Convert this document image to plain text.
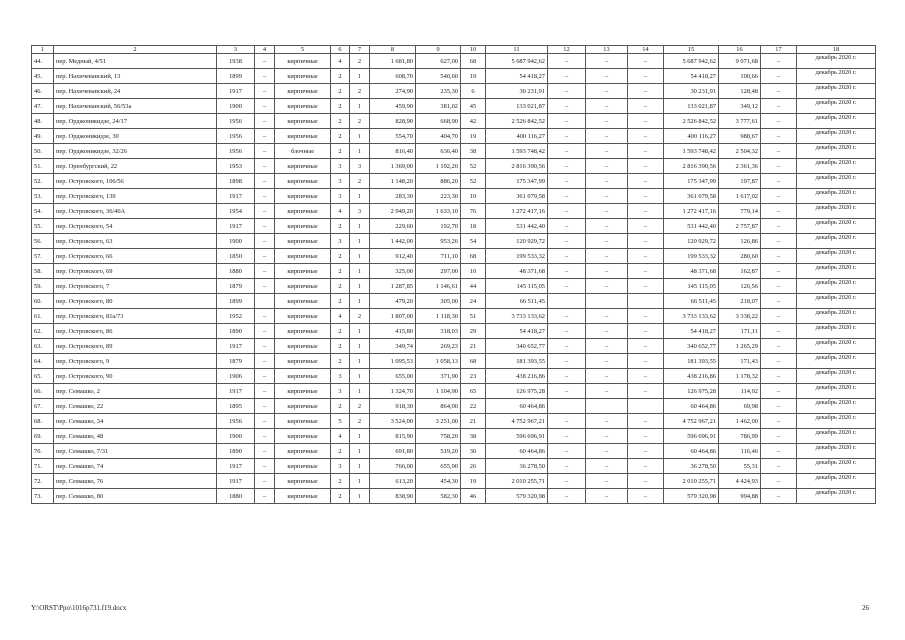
1	2	3	4	5	6	7	8	9	10	11	12	13	14	15	16	17	18
44.	пер. Медный, 4/51	1938	–	кирпичные	4	2	1 681,80	627,00	68	5 687 942,62	–	–	–	5 687 942,62	9 071,68	–	декабрь 2020 г.
45.	пер. Нахичеванский, 13	1899	–	кирпичные	2	1	608,70	540,60	19	54 418,27	–	–	–	54 418,27	100,66	–	декабрь 2020 г.
46.	пер. Нахичеванский, 24	1917	–	кирпичные	2	2	274,90	235,30	6	30 231,91	–	–	–	30 231,91	128,48	–	декабрь 2020 г.
47.	пер. Нахичеванский, 56/53а	1900	–	кирпичные	2	1	459,90	381,02	45	133 021,87	–	–	–	133 021,87	349,12	–	декабрь 2020 г.
48.	пер. Орджоникидзе, 24/17	1956	–	кирпичные	2	2	828,90	668,90	42	2 526 842,52	–	–	–	2 526 842,52	3 777,61	–	декабрь 2020 г.
49.	пер. Орджоникидзе, 30	1956	–	кирпичные	2	1	554,70	404,70	19	400 116,27	–	–	–	400 116,27	988,67	–	декабрь 2020 г.
50.	пер. Орджоникидзе, 32/26	1956	–	блочные	2	1	816,40	636,40	38	1 593 748,42	–	–	–	1 593 748,42	2 504,32	–	декабрь 2020 г.
51.	пер. Оренбургский, 22	1953	–	кирпичные	3	3	1 369,00	1 192,20	52	2 816 390,56	–	–	–	2 816 390,56	2 361,36	–	декабрь 2020 г.
52.	пер. Островского, 106/56	1898	–	кирпичные	3	2	1 148,20	886,20	52	175 347,99	–	–	–	175 347,99	197,87	–	декабрь 2020 г.
53.	пер. Островского, 139	1917	–	кирпичные	3	1	283,30	223,30	10	361 079,58	–	–	–	361 079,58	1 617,02	–	декабрь 2020 г.
54.	пер. Островского, 36/40А	1954	–	кирпичные	4	3	2 949,20	1 633,10	76	1 272 417,16	–	–	–	1 272 417,16	779,14	–	декабрь 2020 г.
55.	пер. Островского, 54	1917	–	кирпичные	2	1	229,60	192,70	18	531 442,40	–	–	–	531 442,40	2 757,87	–	декабрь 2020 г.
56.	пер. Островского, 63	1900	–	кирпичные	3	1	1 442,00	953,26	54	120 929,72	–	–	–	120 929,72	126,86	–	декабрь 2020 г.
57.	пер. Островского, 66	1850	–	кирпичные	2	1	912,40	711,10	68	199 533,32	–	–	–	199 533,32	280,60	–	декабрь 2020 г.
58.	пер. Островского, 69	1880	–	кирпичные	2	1	325,00	297,00	10	48 371,68	–	–	–	48 371,68	162,87	–	декабрь 2020 г.
59.	пер. Островского, 7	1879	–	кирпичные	2	1	1 287,85	1 146,61	44	145 115,05	–	–	–	145 115,05	126,56	–	декабрь 2020 г.
60.	пер. Островского, 80	1899		кирпичные	2	1	479,20	305,00	24	66 511,45				66 511,45	218,07	–	декабрь 2020 г.
61.	пер. Островского, 81а/73	1952	–	кирпичные	4	2	1 807,00	1 118,30	51	3 733 133,62	–	–	–	3 733 133,62	3 338,22	–	декабрь 2020 г.
62.	пер. Островского, 86	1890	–	кирпичные	2	1	415,80	318,03	29	54 418,27	–	–	–	54 418,27	171,11	–	декабрь 2020 г.
63.	пер. Островского, 89	1917	–	кирпичные	2	1	349,74	269,23	21	340 652,77	–	–	–	340 652,77	1 265,29	–	декабрь 2020 г.
64.	пер. Островского, 9	1879	–	кирпичные	2	1	1 095,53	1 058,13	68	181 393,55	–	–	–	181 393,55	171,43	–	декабрь 2020 г.
65.	пер. Островского, 90	1906	–	кирпичные	3	1	655,00	371,90	23	438 216,86	–	–	–	438 216,86	1 178,32	–	декабрь 2020 г.
66.	пер. Семашко, 2	1917	–	кирпичные	3	1	1 324,70	1 104,90	65	126 975,28	–	–	–	126 975,28	114,92	–	декабрь 2020 г.
67.	пер. Семашко, 22	1895	–	кирпичные	2	2	918,30	864,00	22	60 464,86				60 464,86	69,98	–	декабрь 2020 г.
68.	пер. Семашко, 34	1956	–	кирпичные	5	2	3 524,00	3 251,00	21	4 752 967,21	–	–	–	4 752 967,21	1 462,00	–	декабрь 2020 г.
69.	пер. Семашко, 48	1900	–	кирпичные	4	1	815,90	758,20	38	596 696,91	–	–	–	596 696,91	786,99	–	декабрь 2020 г.
70.	пер. Семашко, 7/31	1890	–	кирпичные	2	1	691,80	519,20	30	60 464,86	–	–	–	60 464,86	116,46	–	декабрь 2020 г.
71.	пер. Семашко, 74	1917	–	кирпичные	3	1	766,00	655,90	26	36 278,50	–	–	–	36 278,50	55,31	–	декабрь 2020 г.
72.	пер. Семашко, 76	1917	–	кирпичные	2	1	613,20	454,30	19	2 010 255,71	–	–	–	2 010 255,71	4 424,93	–	декабрь 2020 г.
73.	пер. Семашко, 80	1880	–	кирпичные	2	1	838,90	582,30	46	579 320,98	–	–	–	579 320,98	994,88	–	декабрь 2020 г.
Y:\ORST\Ppo\1016p731.f19.docx	26
